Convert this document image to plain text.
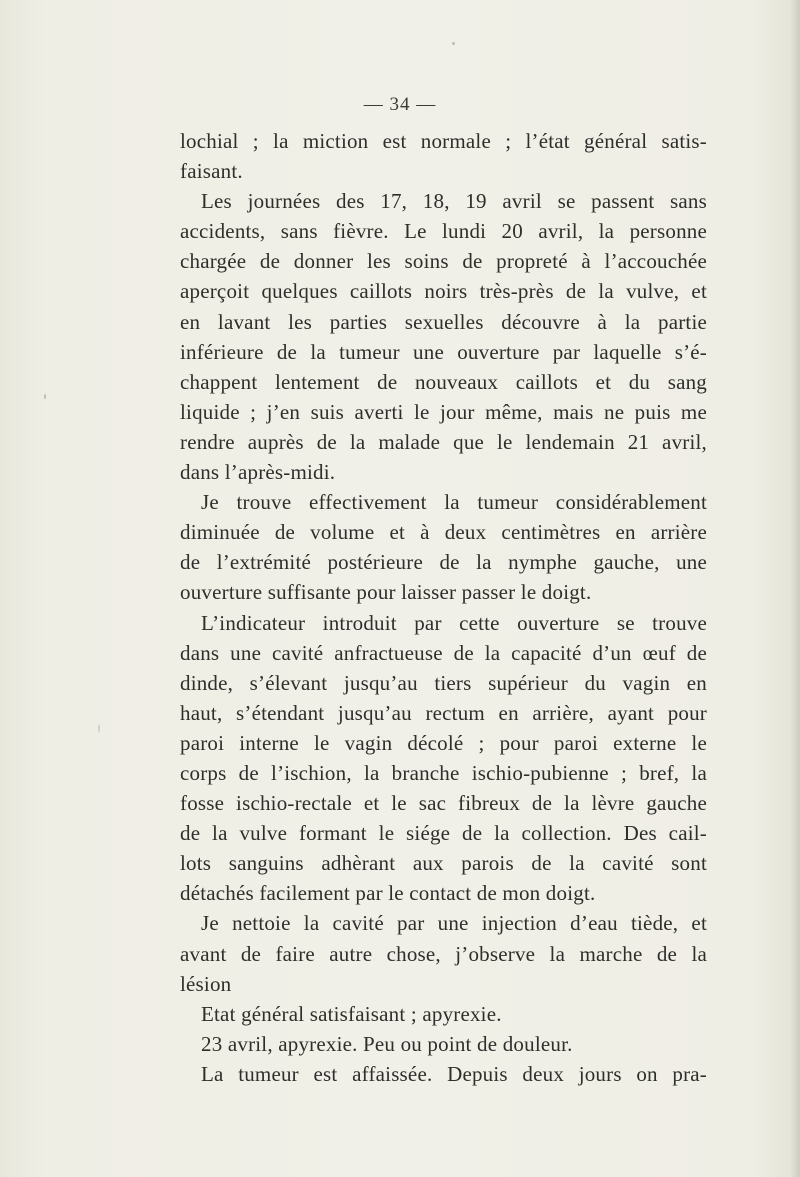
— 34 —
lochial ; la miction est normale ; l’état général satis-
faisant.
Les journées des 17, 18, 19 avril se passent sans
accidents, sans fièvre. Le lundi 20 avril, la personne
chargée de donner les soins de propreté à l’accouchée
aperçoit quelques caillots noirs très-près de la vulve, et
en lavant les parties sexuelles découvre à la partie
inférieure de la tumeur une ouverture par laquelle s’é-
chappent lentement de nouveaux caillots et du sang
liquide ; j’en suis averti le jour même, mais ne puis me
rendre auprès de la malade que le lendemain 21 avril,
dans l’après-midi.
Je trouve effectivement la tumeur considérablement
diminuée de volume et à deux centimètres en arrière
de l’extrémité postérieure de la nymphe gauche, une
ouverture suffisante pour laisser passer le doigt.
L’indicateur introduit par cette ouverture se trouve
dans une cavité anfractueuse de la capacité d’un œuf de
dinde, s’élevant jusqu’au tiers supérieur du vagin en
haut, s’étendant jusqu’au rectum en arrière, ayant pour
paroi interne le vagin décolé ; pour paroi externe le
corps de l’ischion, la branche ischio-pubienne ; bref, la
fosse ischio-rectale et le sac fibreux de la lèvre gauche
de la vulve formant le siége de la collection. Des cail-
lots sanguins adhèrant aux parois de la cavité sont
détachés facilement par le contact de mon doigt.
Je nettoie la cavité par une injection d’eau tiède, et
avant de faire autre chose, j’observe la marche de la
lésion
Etat général satisfaisant ; apyrexie.
23 avril, apyrexie. Peu ou point de douleur.
La tumeur est affaissée. Depuis deux jours on pra-
